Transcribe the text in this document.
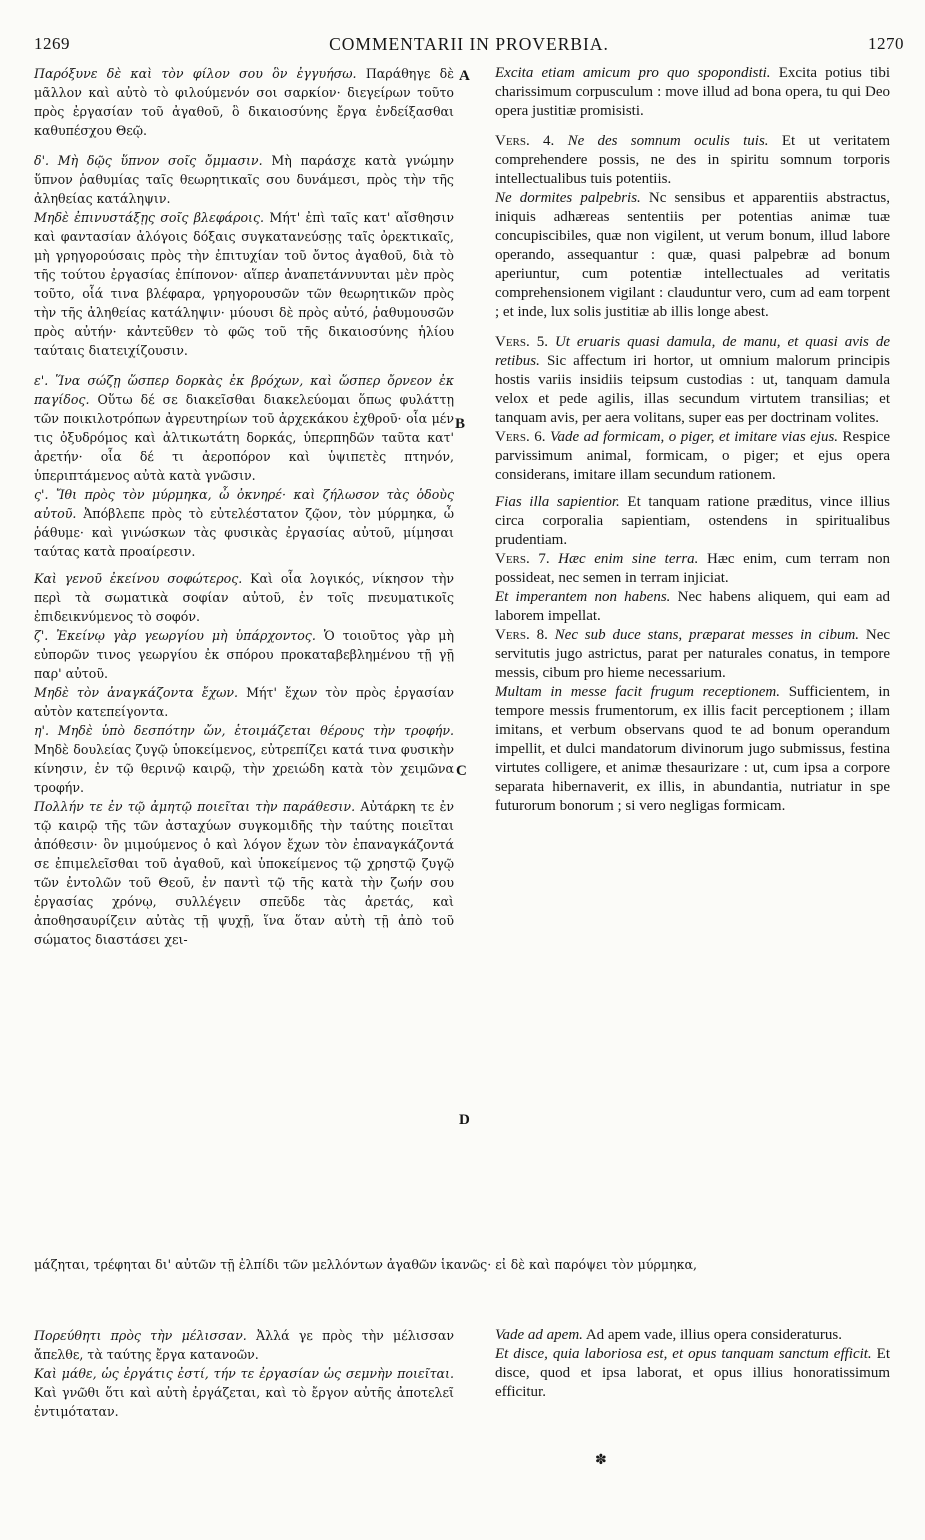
1269	COMMENTARII IN PROVERBIA.	1270
A
B
C
D

Παρόξυνε δὲ καὶ τὸν φίλον σου ὃν ἐγγυήσω. Παράθηγε δὲ μᾶλλον καὶ αὐτὸ τὸ φιλούμενόν σοι σαρκίον· διεγείρων τοῦτο πρὸς ἐργασίαν τοῦ ἀγαθοῦ, ὃ δικαιοσύνης ἔργα ἐνδείξασθαι καθυπέσχου Θεῷ.

δ'. Μὴ δῷς ὕπνον σοῖς ὄμμασιν. Μὴ παράσχε κατὰ γνώμην ὕπνον ῥαθυμίας ταῖς θεωρητικαῖς σου δυνάμεσι, πρὸς τὴν τῆς ἀληθείας κατάληψιν.

Μηδὲ ἐπινυστάξῃς σοῖς βλεφάροις. Μήτ' ἐπὶ ταῖς κατ' αἴσθησιν καὶ φαντασίαν ἀλόγοις δόξαις συγκατανεύσῃς ταῖς ὀρεκτικαῖς, μὴ γρηγορούσαις πρὸς τὴν ἐπιτυχίαν τοῦ ὄντος ἀγαθοῦ, διὰ τὸ τῆς τούτου ἐργασίας ἐπίπονον· αἵπερ ἀναπετάννυνται μὲν πρὸς τοῦτο, οἷά τινα βλέφαρα, γρηγορουσῶν τῶν θεωρητικῶν πρὸς τὴν τῆς ἀληθείας κατάληψιν· μύουσι δὲ πρὸς αὐτό, ῥαθυμουσῶν πρὸς αὐτήν· κἀντεῦθεν τὸ φῶς τοῦ τῆς δικαιοσύνης ἡλίου ταύταις διατειχίζουσιν.

ε'. Ἵνα σώζῃ ὥσπερ δορκὰς ἐκ βρόχων, καὶ ὥσπερ ὄρνεον ἐκ παγίδος. Οὕτω δέ σε διακεῖσθαι διακελεύομαι ὅπως φυλάττῃ τῶν ποικιλοτρόπων ἀγρευτηρίων τοῦ ἀρχεκάκου ἐχθροῦ· οἷα μέν τις ὀξυδρόμος καὶ ἀλτικωτάτη δορκάς, ὑπερπηδῶν ταῦτα κατ' ἀρετήν· οἷα δέ τι ἀεροπόρον καὶ ὑψιπετὲς πτηνόν, ὑπεριπτάμενος αὐτὰ κατὰ γνῶσιν.

ς'. Ἴθι πρὸς τὸν μύρμηκα, ὦ ὀκνηρέ· καὶ ζήλωσον τὰς ὁδοὺς αὐτοῦ. Ἀπόβλεπε πρὸς τὸ εὐτελέστατον ζῷον, τὸν μύρμηκα, ὦ ῥάθυμε· καὶ γινώσκων τὰς φυσικὰς ἐργασίας αὐτοῦ, μίμησαι ταύτας κατὰ προαίρεσιν.

Καὶ γενοῦ ἐκείνου σοφώτερος. Καὶ οἷα λογικός, νίκησον τὴν περὶ τὰ σωματικὰ σοφίαν αὐτοῦ, ἐν τοῖς πνευματικοῖς ἐπιδεικνύμενος τὸ σοφόν.

ζ'. Ἐκείνῳ γὰρ γεωργίου μὴ ὑπάρχοντος. Ὁ τοιοῦτος γὰρ μὴ εὐπορῶν τινος γεωργίου ἐκ σπόρου προκαταβεβλημένου τῇ γῇ παρ' αὐτοῦ.

Μηδὲ τὸν ἀναγκάζοντα ἔχων. Μήτ' ἔχων τὸν πρὸς ἐργασίαν αὐτὸν κατεπείγοντα.

η'. Μηδὲ ὑπὸ δεσπότην ὤν, ἑτοιμάζεται θέρους τὴν τροφήν. Μηδὲ δουλείας ζυγῷ ὑποκείμενος, εὐτρεπίζει κατά τινα φυσικὴν κίνησιν, ἐν τῷ θερινῷ καιρῷ, τὴν χρειώδη κατὰ τὸν χειμῶνα τροφήν.

Πολλήν τε ἐν τῷ ἀμητῷ ποιεῖται τὴν παράθεσιν. Αὐτάρκη τε ἐν τῷ καιρῷ τῆς τῶν ἀσταχύων συγκομιδῆς τὴν ταύτης ποιεῖται ἀπόθεσιν· ὃν μιμούμενος ὁ καὶ λόγον ἔχων τὸν ἐπαναγκάζοντά σε ἐπιμελεῖσθαι τοῦ ἀγαθοῦ, καὶ ὑποκείμενος τῷ χρηστῷ ζυγῷ τῶν ἐντολῶν τοῦ Θεοῦ, ἐν παντὶ τῷ τῆς κατὰ τὴν ζωήν σου ἐργασίας χρόνῳ, συλλέγειν σπεῦδε τὰς ἀρετάς, καὶ ἀποθησαυρίζειν αὐτὰς τῇ ψυχῇ, ἵνα ὅταν αὐτὴ τῇ ἀπὸ τοῦ σώματος διαστάσει χει-

Excita etiam amicum pro quo spopondisti. Excita potius tibi charissimum corpusculum : move illud ad bona opera, tu qui Deo opera justitiæ promisisti.

Vers. 4. Ne des somnum oculis tuis. Et ut veritatem comprehendere possis, ne des in spiritu somnum torporis intellectualibus tuis potentiis.

Ne dormites palpebris. Nc sensibus et apparentiis abstractus, iniquis adhæreas sententiis per potentias animæ tuæ concupiscibiles, quæ non vigilent, ut verum bonum, illud labore operando, assequantur : quæ, quasi palpebræ ad bonum aperiuntur, cum potentiæ intellectuales ad veritatis comprehensionem vigilant : clauduntur vero, cum ad eam torpent ; et inde, lux solis justitiæ ab illis longe abest.

Vers. 5. Ut eruaris quasi damula, de manu, et quasi avis de retibus. Sic affectum iri hortor, ut omnium malorum principis hostis variis insidiis teipsum custodias : ut, tanquam damula velox et pede agilis, illas secundum virtutem transilias; et tanquam avis, per aera volitans, super eas per doctrinam volites.

Vers. 6. Vade ad formicam, o piger, et imitare vias ejus. Respice parvissimum animal, formicam, o piger; et ejus opera considerans, imitare illam secundum rationem.

Fias illa sapientior. Et tanquam ratione præditus, vince illius circa corporalia sapientiam, ostendens in spiritualibus prudentiam.

Vers. 7. Hæc enim sine terra. Hæc enim, cum terram non possideat, nec semen in terram injiciat.

Et imperantem non habens. Nec habens aliquem, qui eam ad laborem impellat.

Vers. 8. Nec sub duce stans, præparat messes in cibum. Nec servitutis jugo astrictus, parat per naturales conatus, in tempore messis, cibum pro hieme necessarium.

Multam in messe facit frugum receptionem. Sufficientem, in tempore messis frumentorum, ex illis facit perceptionem ; illam imitans, et verbum observans quod te ad bonum operandum impellit, et dulci mandatorum divinorum jugo submissus, festina virtutes colligere, et animæ thesaurizare : ut, cum ipsa a corpore separata hibernaverit, ex illis, in abundantia, nutriatur in spe futurorum bonorum ; si vero negligas formicam.

μάζηται, τρέφηται δι' αὐτῶν τῇ ἐλπίδι τῶν μελλόντων ἀγαθῶν ἱκανῶς· εἰ δὲ καὶ παρόψει τὸν μύρμηκα,

Πορεύθητι πρὸς τὴν μέλισσαν. Ἀλλά γε πρὸς τὴν μέλισσαν ἄπελθε, τὰ ταύτης ἔργα κατανοῶν.

Καὶ μάθε, ὡς ἐργάτις ἐστί, τήν τε ἐργασίαν ὡς σεμνὴν ποιεῖται. Καὶ γνῶθι ὅτι καὶ αὐτὴ ἐργάζεται, καὶ τὸ ἔργον αὐτῆς ἀποτελεῖ ἐντιμόταταν.

Vade ad apem. Ad apem vade, illius opera consideraturus.

Et disce, quia laboriosa est, et opus tanquam sanctum efficit. Et disce, quod et ipsa laborat, et opus illius honoratissimum efficitur.

✽
